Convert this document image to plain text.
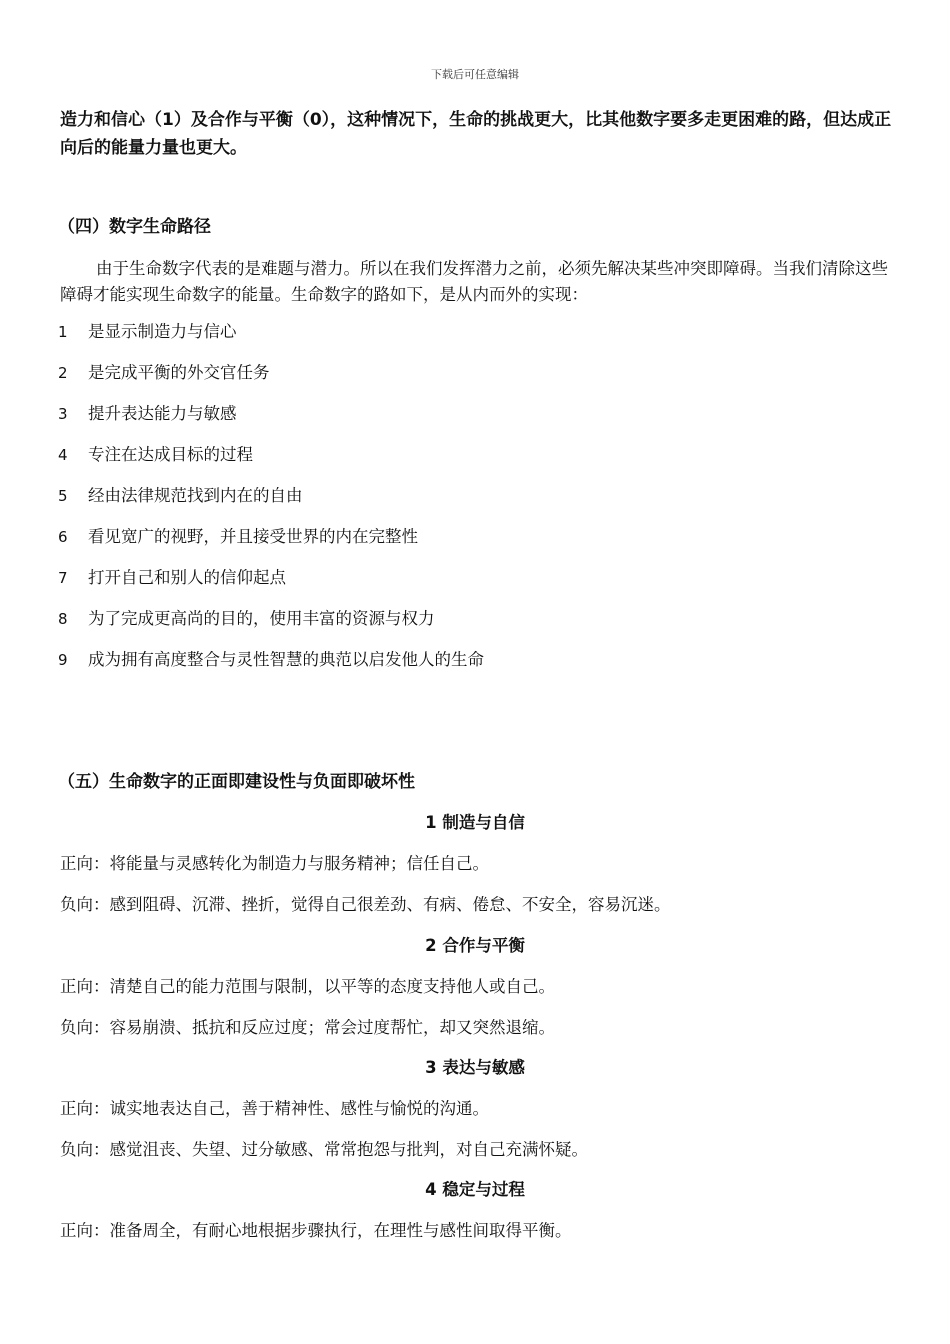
下载后可任意编辑
造力和信心（1）及合作与平衡（0），这种情况下，生命的挑战更大，比其他数字要多走更困难的路，但达成正向后的能量力量也更大。
（四）数字生命路径
由于生命数字代表的是难题与潜力。所以在我们发挥潜力之前，必须先解决某些冲突即障碍。当我们清除这些障碍才能实现生命数字的能量。生命数字的路如下，是从内而外的实现：
1	是显示制造力与信心
2	是完成平衡的外交官任务
3	提升表达能力与敏感
4	专注在达成目标的过程
5	经由法律规范找到内在的自由
6	看见宽广的视野，并且接受世界的内在完整性
7	打开自己和别人的信仰起点
8	为了完成更高尚的目的，使用丰富的资源与权力
9	成为拥有高度整合与灵性智慧的典范以启发他人的生命
（五）生命数字的正面即建设性与负面即破坏性
1 制造与自信
正向：将能量与灵感转化为制造力与服务精神；信任自己。
负向：感到阻碍、沉滞、挫折，觉得自己很差劲、有病、倦怠、不安全，容易沉迷。
2 合作与平衡
正向：清楚自己的能力范围与限制，以平等的态度支持他人或自己。
负向：容易崩溃、抵抗和反应过度；常会过度帮忙，却又突然退缩。
3 表达与敏感
正向：诚实地表达自己，善于精神性、感性与愉悦的沟通。
负向：感觉沮丧、失望、过分敏感、常常抱怨与批判，对自己充满怀疑。
4 稳定与过程
正向：准备周全，有耐心地根据步骤执行，在理性与感性间取得平衡。
